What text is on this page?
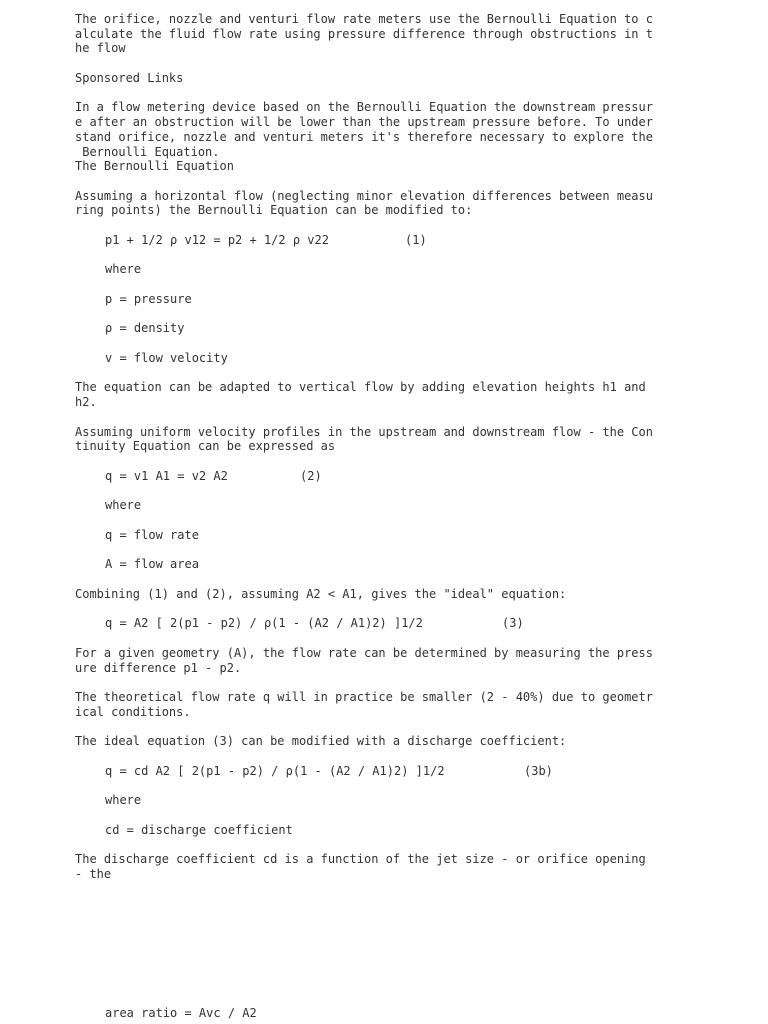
The orifice, nozzle and venturi flow rate meters use the Bernoulli Equation to c
alculate the fluid flow rate using pressure difference through obstructions in t
he flow

Sponsored Links

In a flow metering device based on the Bernoulli Equation the downstream pressur
e after an obstruction will be lower than the upstream pressure before. To under
stand orifice, nozzle and venturi meters it's therefore necessary to explore the
Bernoulli Equation.

The Bernoulli Equation

Assuming a horizontal flow (neglecting minor elevation differences between measu
ring points) the Bernoulli Equation can be modified to:

p1 + 1/2 ρ v12 = p2 + 1/2 ρ v22	(1)

where

p = pressure

ρ = density

v = flow velocity

The equation can be adapted to vertical flow by adding elevation heights h1 and
h2.

Assuming uniform velocity profiles in the upstream and downstream flow - the Con
tinuity Equation can be expressed as

q = v1 A1 = v2 A2	(2)

where

q = flow rate

A = flow area

Combining (1) and (2), assuming A2 < A1, gives the "ideal" equation:

q = A2 [ 2(p1 - p2) / ρ(1 - (A2 / A1)2) ]1/2	(3)

For a given geometry (A), the flow rate can be determined by measuring the press
ure difference p1 - p2.

The theoretical flow rate q will in practice be smaller (2 - 40%) due to geometr
ical conditions.

The ideal equation (3) can be modified with a discharge coefficient:

q = cd A2 [ 2(p1 - p2) / ρ(1 - (A2 / A1)2) ]1/2	(3b)

where

cd = discharge coefficient

The discharge coefficient cd is a function of the jet size - or orifice opening
- the

area ratio = Avc / A2
